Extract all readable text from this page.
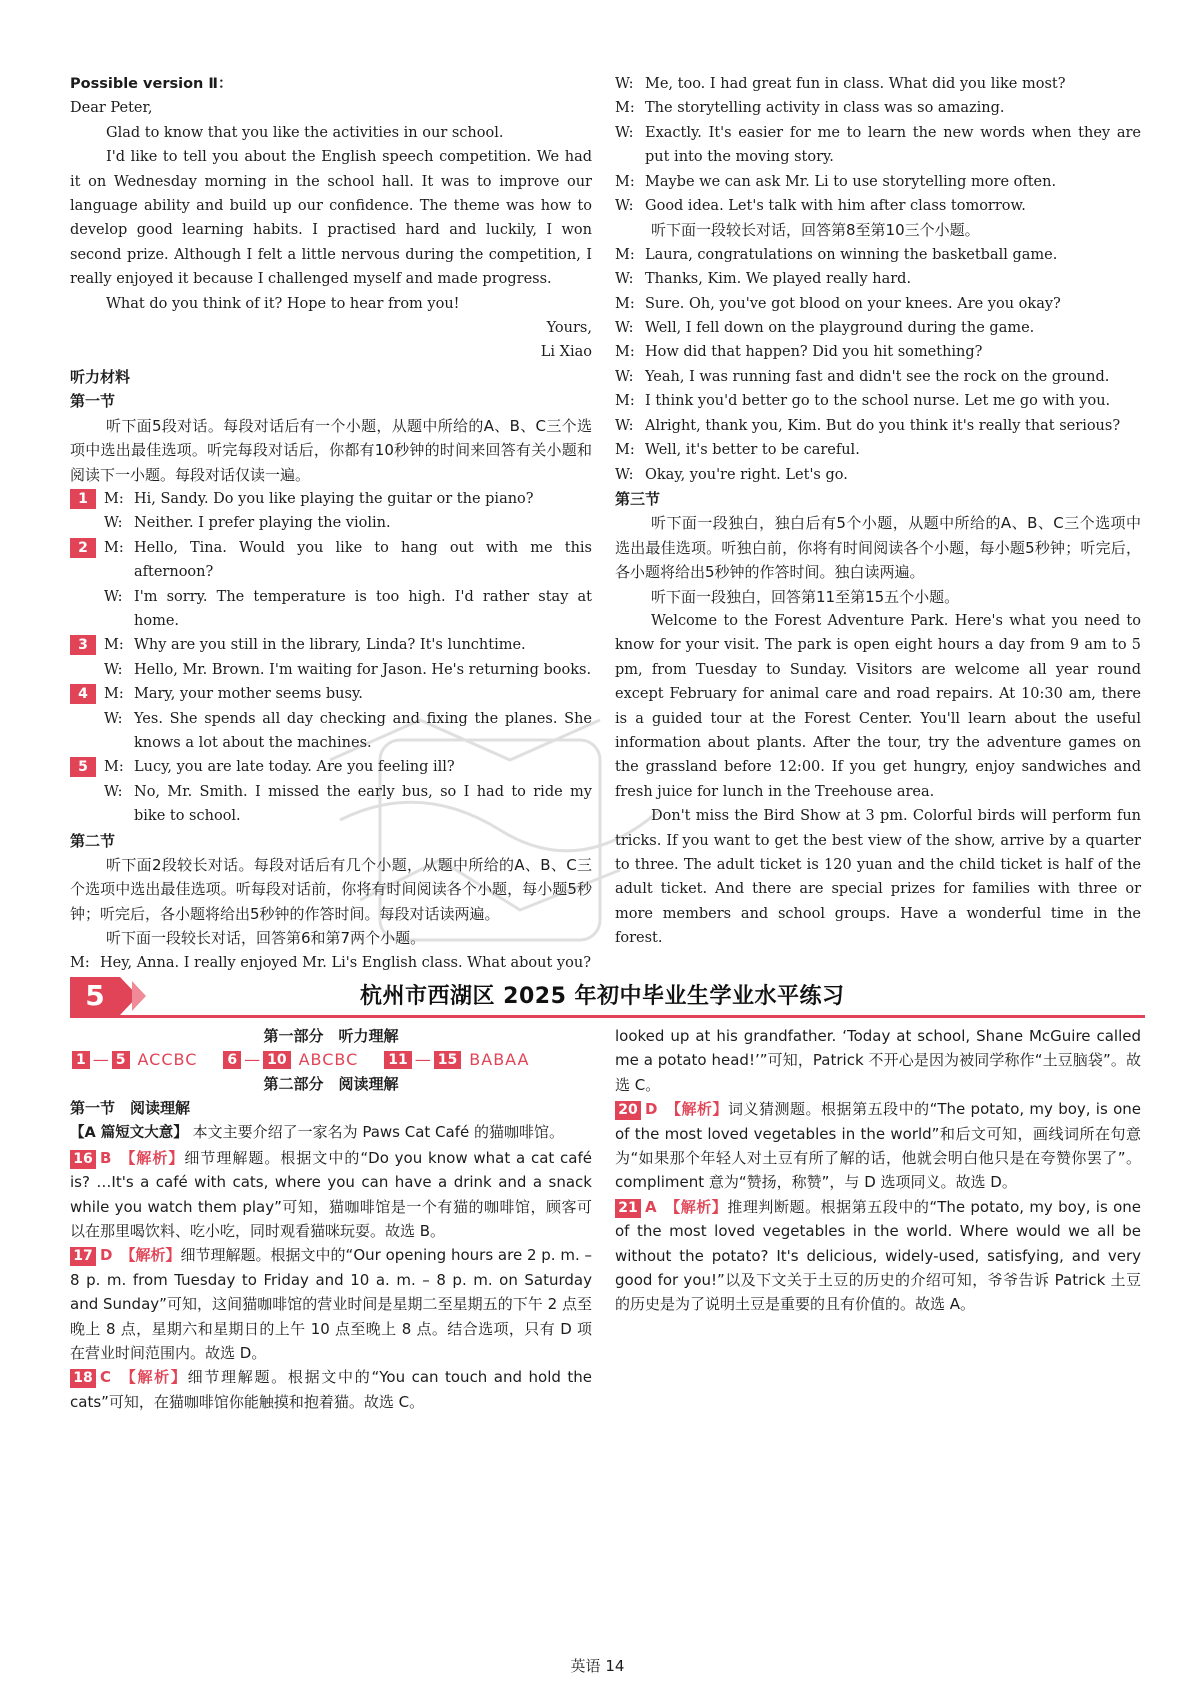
Possible version Ⅱ：

Dear Peter,

Glad to know that you like the activities in our school.

I'd like to tell you about the English speech competition. We had it on Wednesday morning in the school hall. It was to improve our language ability and build up our confidence. The theme was how to develop good learning habits. I practised hard and luckily, I won second prize. Although I felt a little nervous during the competition, I really enjoyed it because I challenged myself and made progress.

What do you think of it? Hope to hear from you!

Yours,

Li Xiao

听力材料

第一节

听下面5段对话。每段对话后有一个小题，从题中所给的A、B、C三个选项中选出最佳选项。听完每段对话后，你都有10秒钟的时间来回答有关小题和阅读下一小题。每段对话仅读一遍。

1	M: Hi, Sandy. Do you like playing the guitar or the piano?
W: Neither. I prefer playing the violin.
2	M: Hello, Tina. Would you like to hang out with me this afternoon?
W: I'm sorry. The temperature is too high. I'd rather stay at home.
3	M: Why are you still in the library, Linda? It's lunchtime.
W: Hello, Mr. Brown. I'm waiting for Jason. He's returning books.
4	M: Mary, your mother seems busy.
W: Yes. She spends all day checking and fixing the planes. She knows a lot about the machines.
5	M: Lucy, you are late today. Are you feeling ill?
W: No, Mr. Smith. I missed the early bus, so I had to ride my bike to school.

第二节

听下面2段较长对话。每段对话后有几个小题，从题中所给的A、B、C三个选项中选出最佳选项。听每段对话前，你将有时间阅读各个小题，每小题5秒钟；听完后，各小题将给出5秒钟的作答时间。每段对话读两遍。

听下面一段较长对话，回答第6和第7两个小题。

M: Hey, Anna. I really enjoyed Mr. Li's English class. What about you?
W: Me, too. I had great fun in class. What did you like most?
M: The storytelling activity in class was so amazing.
W: Exactly. It's easier for me to learn the new words when they are put into the moving story.
M: Maybe we can ask Mr. Li to use storytelling more often.
W: Good idea. Let's talk with him after class tomorrow.

听下面一段较长对话，回答第8至第10三个小题。

M: Laura, congratulations on winning the basketball game.
W: Thanks, Kim. We played really hard.
M: Sure. Oh, you've got blood on your knees. Are you okay?
W: Well, I fell down on the playground during the game.
M: How did that happen? Did you hit something?
W: Yeah, I was running fast and didn't see the rock on the ground.
M: I think you'd better go to the school nurse. Let me go with you.
W: Alright, thank you, Kim. But do you think it's really that serious?
M: Well, it's better to be careful.
W: Okay, you're right. Let's go.

第三节

听下面一段独白，独白后有5个小题，从题中所给的A、B、C三个选项中选出最佳选项。听独白前，你将有时间阅读各个小题，每小题5秒钟；听完后，各小题将给出5秒钟的作答时间。独白读两遍。

听下面一段独白，回答第11至第15五个小题。

Welcome to the Forest Adventure Park. Here's what you need to know for your visit. The park is open eight hours a day from 9 am to 5 pm, from Tuesday to Sunday. Visitors are welcome all year round except February for animal care and road repairs. At 10:30 am, there is a guided tour at the Forest Center. You'll learn about the useful information about plants. After the tour, try the adventure games on the grassland before 12:00. If you get hungry, enjoy sandwiches and fresh juice for lunch in the Treehouse area.

Don't miss the Bird Show at 3 pm. Colorful birds will perform fun tricks. If you want to get the best view of the show, arrive by a quarter to three. The adult ticket is 120 yuan and the child ticket is half of the adult ticket. And there are special prizes for families with three or more members and school groups. Have a wonderful time in the forest.

5	杭州市西湖区 2025 年初中毕业生学业水平练习

第一部分　听力理解

1 — 5 ACCBC 6 — 10 ABCBC 11 — 15 BABAA

第二部分　阅读理解

第一节　阅读理解

【A 篇短文大意】 本文主要介绍了一家名为 Paws Cat Café 的猫咖啡馆。

16 B 【解析】细节理解题。根据文中的“Do you know what a cat café is? …It's a café with cats, where you can have a drink and a snack while you watch them play”可知，猫咖啡馆是一个有猫的咖啡馆，顾客可以在那里喝饮料、吃小吃，同时观看猫咪玩耍。故选 B。

17 D 【解析】细节理解题。根据文中的“Our opening hours are 2 p. m. – 8 p. m. from Tuesday to Friday and 10 a. m. – 8 p. m. on Saturday and Sunday”可知，这间猫咖啡馆的营业时间是星期二至星期五的下午 2 点至晚上 8 点，星期六和星期日的上午 10 点至晚上 8 点。结合选项，只有 D 项在营业时间范围内。故选 D。

18 C 【解析】细节理解题。根据文中的“You can touch and hold the cats”可知，在猫咖啡馆你能触摸和抱着猫。故选 C。

looked up at his grandfather. ‘Today at school, Shane McGuire called me a potato head!’”可知，Patrick 不开心是因为被同学称作“土豆脑袋”。故选 C。

20 D 【解析】词义猜测题。根据第五段中的“The potato, my boy, is one of the most loved vegetables in the world”和后文可知，画线词所在句意为“如果那个年轻人对土豆有所了解的话，他就会明白他只是在夸赞你罢了”。compliment 意为“赞扬，称赞”，与 D 选项同义。故选 D。

21 A 【解析】推理判断题。根据第五段中的“The potato, my boy, is one of the most loved vegetables in the world. Where would we all be without the potato? It's delicious, widely-used, satisfying, and very good for you!”以及下文关于土豆的历史的介绍可知，爷爷告诉 Patrick 土豆的历史是为了说明土豆是重要的且有价值的。故选 A。

英语 14
